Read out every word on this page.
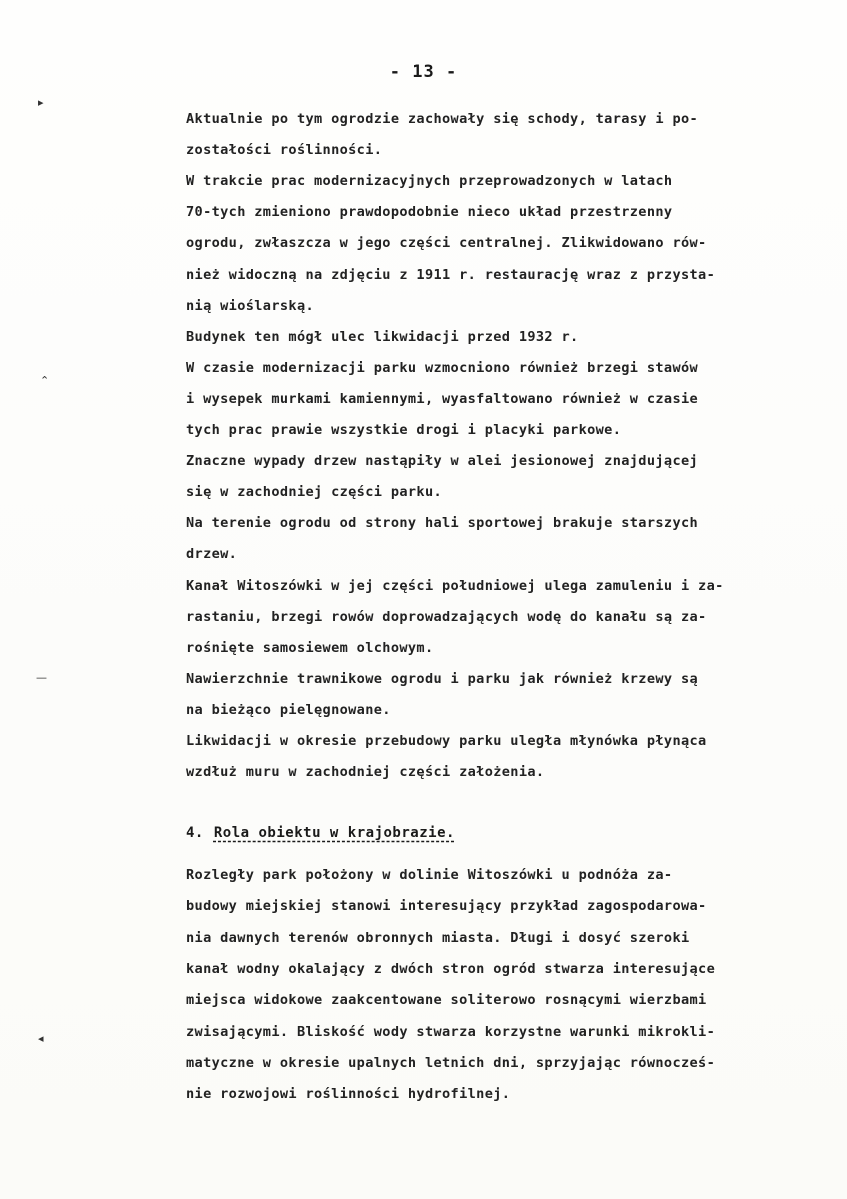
- 13 -
▸
⌃
—
◂
Aktualnie po tym ogrodzie zachowały się schody, tarasy i po-
zostałości roślinności.
W trakcie prac modernizacyjnych przeprowadzonych w latach
70-tych zmieniono prawdopodobnie nieco układ przestrzenny
ogrodu, zwłaszcza w jego części centralnej. Zlikwidowano rów-
nież widoczną na zdjęciu z 1911 r. restaurację wraz z przysta-
nią wioślarską.
Budynek ten mógł ulec likwidacji przed 1932 r.
W czasie modernizacji parku wzmocniono również brzegi stawów
i wysepek murkami kamiennymi, wyasfaltowano również w czasie
tych prac prawie wszystkie drogi i placyki parkowe.
Znaczne wypady drzew nastąpiły w alei jesionowej znajdującej
się w zachodniej części parku.
Na terenie ogrodu od strony hali sportowej brakuje starszych
drzew.
Kanał Witoszówki w jej części południowej ulega zamuleniu i za-
rastaniu, brzegi rowów doprowadzających wodę do kanału są za-
rośnięte samosiewem olchowym.
Nawierzchnie trawnikowe ogrodu i parku jak również krzewy są
na bieżąco pielęgnowane.
Likwidacji w okresie przebudowy parku uległa młynówka płynąca
wzdłuż muru w zachodniej części założenia.
4. Rola obiektu w krajobrazie.
Rozległy park położony w dolinie Witoszówki u podnóża za-
budowy miejskiej stanowi interesujący przykład zagospodarowa-
nia dawnych terenów obronnych miasta. Długi i dosyć szeroki
kanał wodny okalający z dwóch stron ogród stwarza interesujące
miejsca widokowe zaakcentowane soliterowo rosnącymi wierzbami
zwisającymi. Bliskość wody stwarza korzystne warunki mikrokli-
matyczne w okresie upalnych letnich dni, sprzyjając równocześ-
nie rozwojowi roślinności hydrofilnej.
